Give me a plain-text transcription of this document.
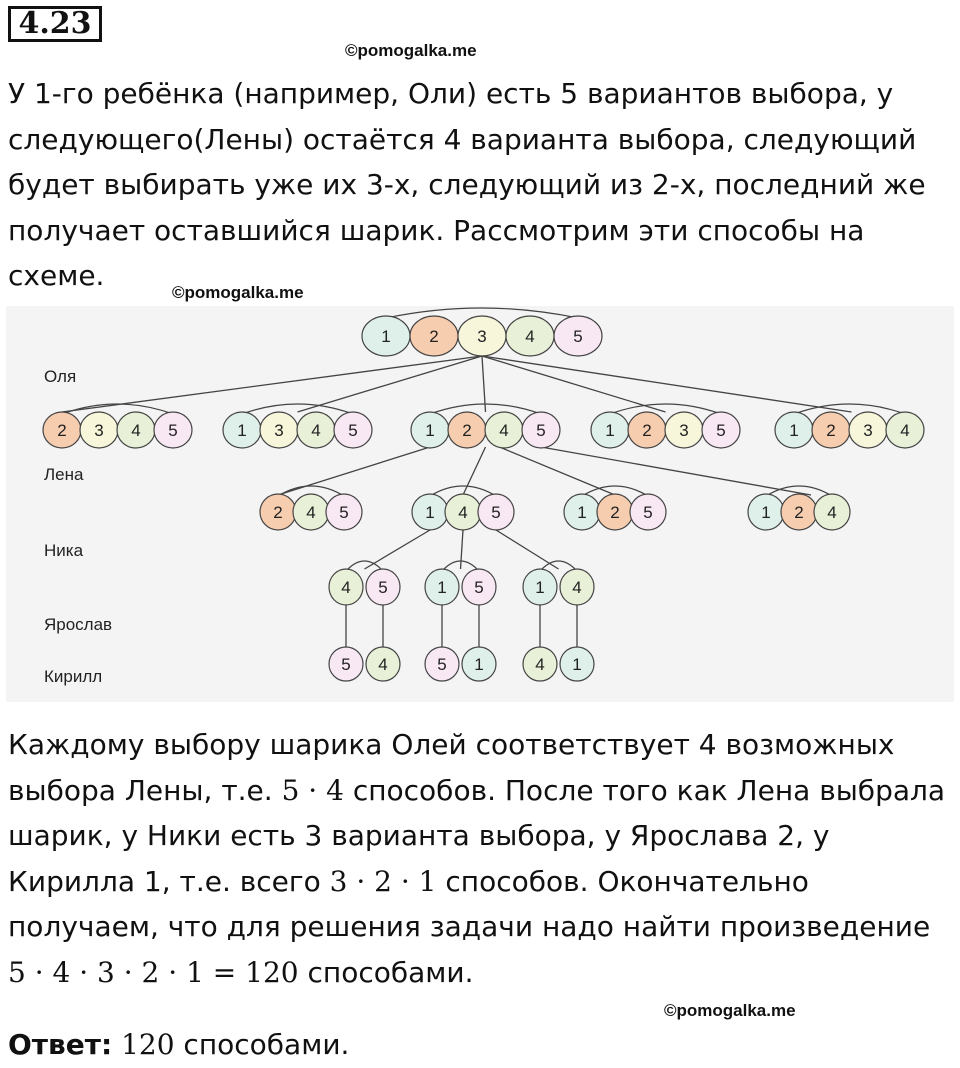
4.23
©pomogalka.me

У 1-го ребёнка (например, Оли) есть 5 вариантов выбора, у следующего(Лены) остаётся 4 варианта выбора, следующий будет выбирать уже их 3-х, следующий из 2-х, последний же получает оставшийся шарик. Рассмотрим эти способы на схеме.

©pomogalka.me
1 2 3 4 5
2 3 4 5	1 3 4 5	1 2 4 5	1 2 3 5	1 2 3 4
2 4 5	1 4 5	1 2 5	1 2 4
4 5	1 5	1 4
5 4	5 1	4 1
Оля
Лена
Ника
Ярослав
Кирилл

Каждому выбору шарика Олей соответствует 4 возможных выбора Лены, т.е. 5 · 4 способов. После того как Лена выбрала шарик, у Ники есть 3 варианта выбора, у Ярослава 2, у Кирилла 1, т.е. всего 3 · 2 · 1 способов. Окончательно получаем, что для решения задачи надо найти произведение 5 · 4 · 3 · 2 · 1 = 120 способами.

©pomogalka.me

Ответ: 120 способами.
